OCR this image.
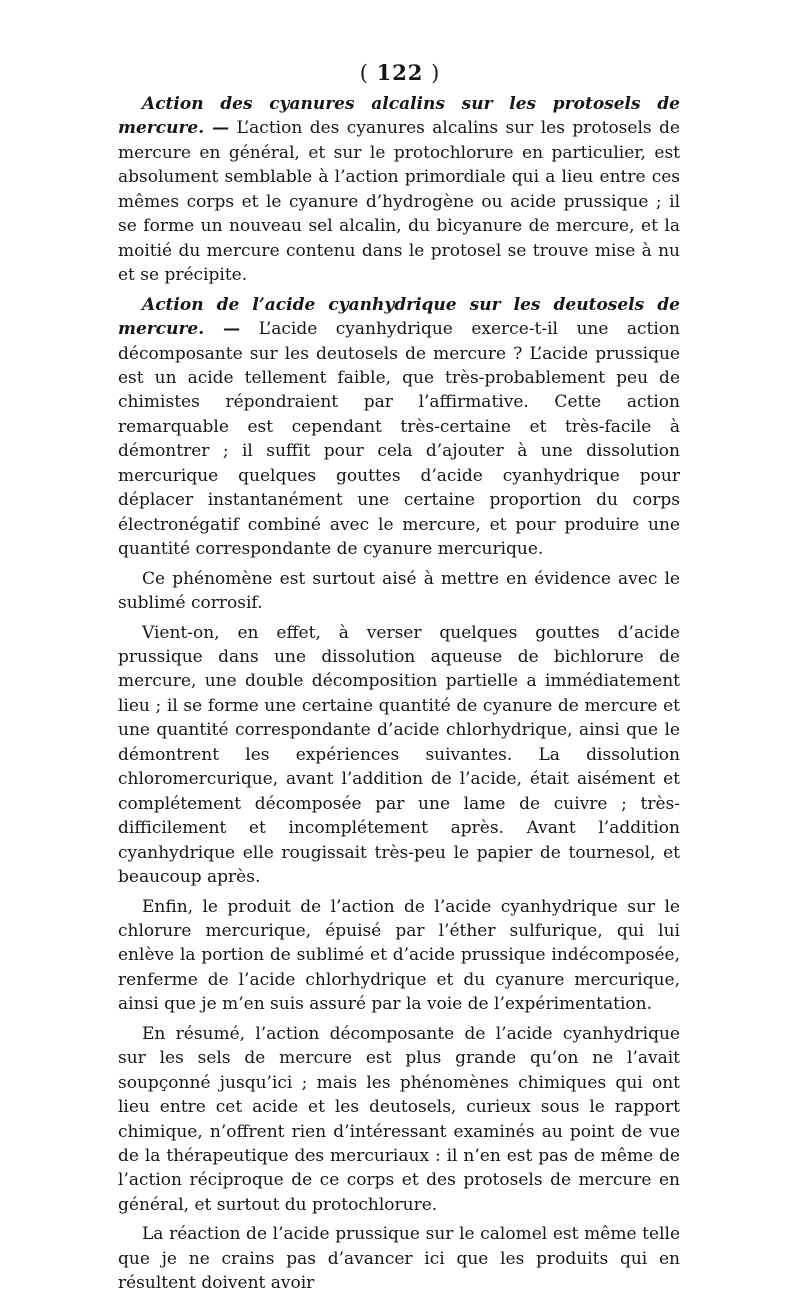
( 122 )

Action des cyanures alcalins sur les protosels de mercure. — L’action des cyanures alcalins sur les protosels de mercure en général, et sur le protochlorure en particulier, est absolument semblable à l’action primordiale qui a lieu entre ces mêmes corps et le cyanure d’hydrogène ou acide prussique ; il se forme un nouveau sel alcalin, du bicyanure de mercure, et la moitié du mercure contenu dans le protosel se trouve mise à nu et se précipite.

Action de l’acide cyanhydrique sur les deutosels de mercure. — L’acide cyanhydrique exerce-t-il une action décomposante sur les deutosels de mercure ? L’acide prussique est un acide tellement faible, que très-probablement peu de chimistes répondraient par l’affirmative. Cette action remarquable est cependant très-certaine et très-facile à démontrer ; il suffit pour cela d’ajouter à une dissolution mercurique quelques gouttes d’acide cyanhydrique pour déplacer instantanément une certaine proportion du corps électronégatif combiné avec le mercure, et pour produire une quantité correspondante de cyanure mercurique.

Ce phénomène est surtout aisé à mettre en évidence avec le sublimé corrosif.

Vient-on, en effet, à verser quelques gouttes d’acide prussique dans une dissolution aqueuse de bichlorure de mercure, une double décomposition partielle a immédiatement lieu ; il se forme une certaine quantité de cyanure de mercure et une quantité correspondante d’acide chlorhydrique, ainsi que le démontrent les expériences suivantes. La dissolution chloromercurique, avant l’addition de l’acide, était aisément et complétement décomposée par une lame de cuivre ; très-difficilement et incomplétement après. Avant l’addition cyanhydrique elle rougissait très-peu le papier de tournesol, et beaucoup après.

Enfin, le produit de l’action de l’acide cyanhydrique sur le chlorure mercurique, épuisé par l’éther sulfurique, qui lui enlève la portion de sublimé et d’acide prussique indécomposée, renferme de l’acide chlorhydrique et du cyanure mercurique, ainsi que je m’en suis assuré par la voie de l’expérimentation.

En résumé, l’action décomposante de l’acide cyanhydrique sur les sels de mercure est plus grande qu’on ne l’avait soupçonné jusqu’ici ; mais les phénomènes chimiques qui ont lieu entre cet acide et les deutosels, curieux sous le rapport chimique, n’offrent rien d’intéressant examinés au point de vue de la thérapeutique des mercuriaux : il n’en est pas de même de l’action réciproque de ce corps et des protosels de mercure en général, et surtout du protochlorure.

La réaction de l’acide prussique sur le calomel est même telle que je ne crains pas d’avancer ici que les produits qui en résultent doivent avoir
